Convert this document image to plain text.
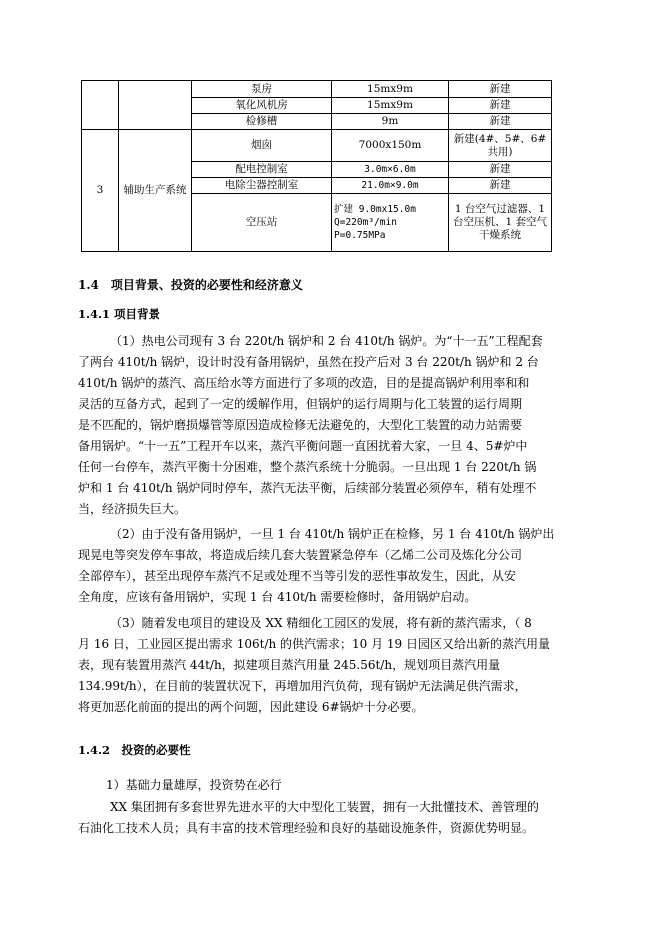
		泵房	15mx9m	新建
		氧化风机房	15mx9m	新建
		检修槽	9m	新建
3	辅助生产系统	烟囱	7000x150m	新建(4#、5#、6#共用)
		配电控制室	3.0m×6.0m	新建
		电除尘器控制室	21.0m×9.0m	新建
		空压站	扩建 9.0mx15.0m Q=220m³/min P=0.75MPa	1 台空气过滤器、1 台空压机、1 套空气干燥系统
1.4　项目背景、投资的必要性和经济意义
1.4.1 项目背景
（1）热电公司现有 3 台 220t/h 锅炉和 2 台 410t/h 锅炉。为“十一五”工程配套
了两台 410t/h 锅炉，设计时没有备用锅炉，虽然在投产后对 3 台 220t/h 锅炉和 2 台
410t/h 锅炉的蒸汽、高压给水等方面进行了多项的改造，目的是提高锅炉利用率和和
灵活的互备方式，起到了一定的缓解作用，但锅炉的运行周期与化工装置的运行周期
是不匹配的，锅炉磨损爆管等原因造成检修无法避免的，大型化工装置的动力站需要
备用锅炉。“十一五”工程开车以来，蒸汽平衡问题一直困扰着大家，一旦 4、5#炉中
任何一台停车，蒸汽平衡十分困难，整个蒸汽系统十分脆弱。一旦出现 1 台 220t/h 锅
炉和 1 台 410t/h 锅炉同时停车，蒸汽无法平衡，后续部分装置必须停车，稍有处理不
当，经济损失巨大。
（2）由于没有备用锅炉，一旦 1 台 410t/h 锅炉正在检修，另 1 台 410t/h 锅炉出
现晃电等突发停车事故，将造成后续几套大装置紧急停车（乙烯二公司及炼化分公司
全部停车），甚至出现停车蒸汽不足或处理不当等引发的恶性事故发生，因此，从安
全角度，应该有备用锅炉，实现 1 台 410t/h 需要检修时，备用锅炉启动。
（3）随着发电项目的建设及 XX 精细化工园区的发展，将有新的蒸汽需求，（ 8
月 16 日，工业园区提出需求 106t/h 的供汽需求；10 月 19 日园区又给出新的蒸汽用量
表，现有装置用蒸汽 44t/h，拟建项目蒸汽用量 245.56t/h，规划项目蒸汽用量
134.99t/h），在目前的装置状况下，再增加用汽负荷，现有锅炉无法满足供汽需求，
将更加恶化前面的提出的两个问题，因此建设 6#锅炉十分必要。
1.4.2　投资的必要性
1）基础力量雄厚，投资势在必行
XX 集团拥有多套世界先进水平的大中型化工装置，拥有一大批懂技术、善管理的
石油化工技术人员；具有丰富的技术管理经验和良好的基础设施条件，资源优势明显。
